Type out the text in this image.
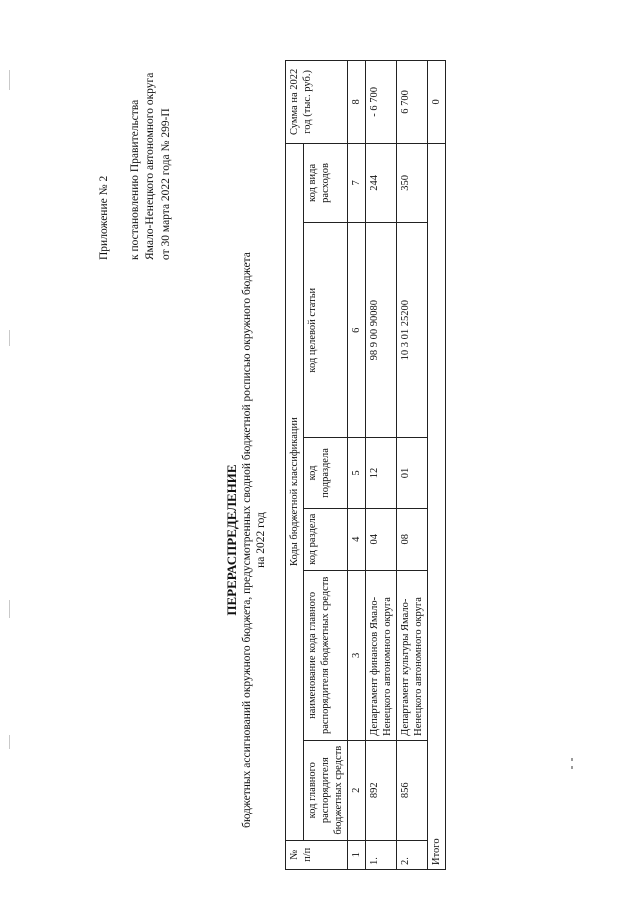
Приложение № 2 к постановлению Правительства Ямало-Ненецкого автономного округа от 30 марта 2022 года № 299-П
ПЕРЕРАСПРЕДЕЛЕНИЕ бюджетных ассигнований окружного бюджета, предусмотренных сводной бюджетной росписью окружного бюджета на 2022 год
№ п/п	Коды бюджетной классификации						Сумма на 2022 год (тыс. руб.)
	код главного распорядителя бюджетных средств	наименование кода главного распорядителя бюджетных средств	код раздела	код подраздела	код целевой статьи	код вида расходов	
1	2	3	4	5	6	7	8
1.	892	Департамент финансов Ямало-Ненецкого автономного округа	04	12	98 9 00 90080	244	- 6 700
2.	856	Департамент культуры Ямало-Ненецкого автономного округа	08	01	10 3 01 25200	350	6 700
Итого							0
